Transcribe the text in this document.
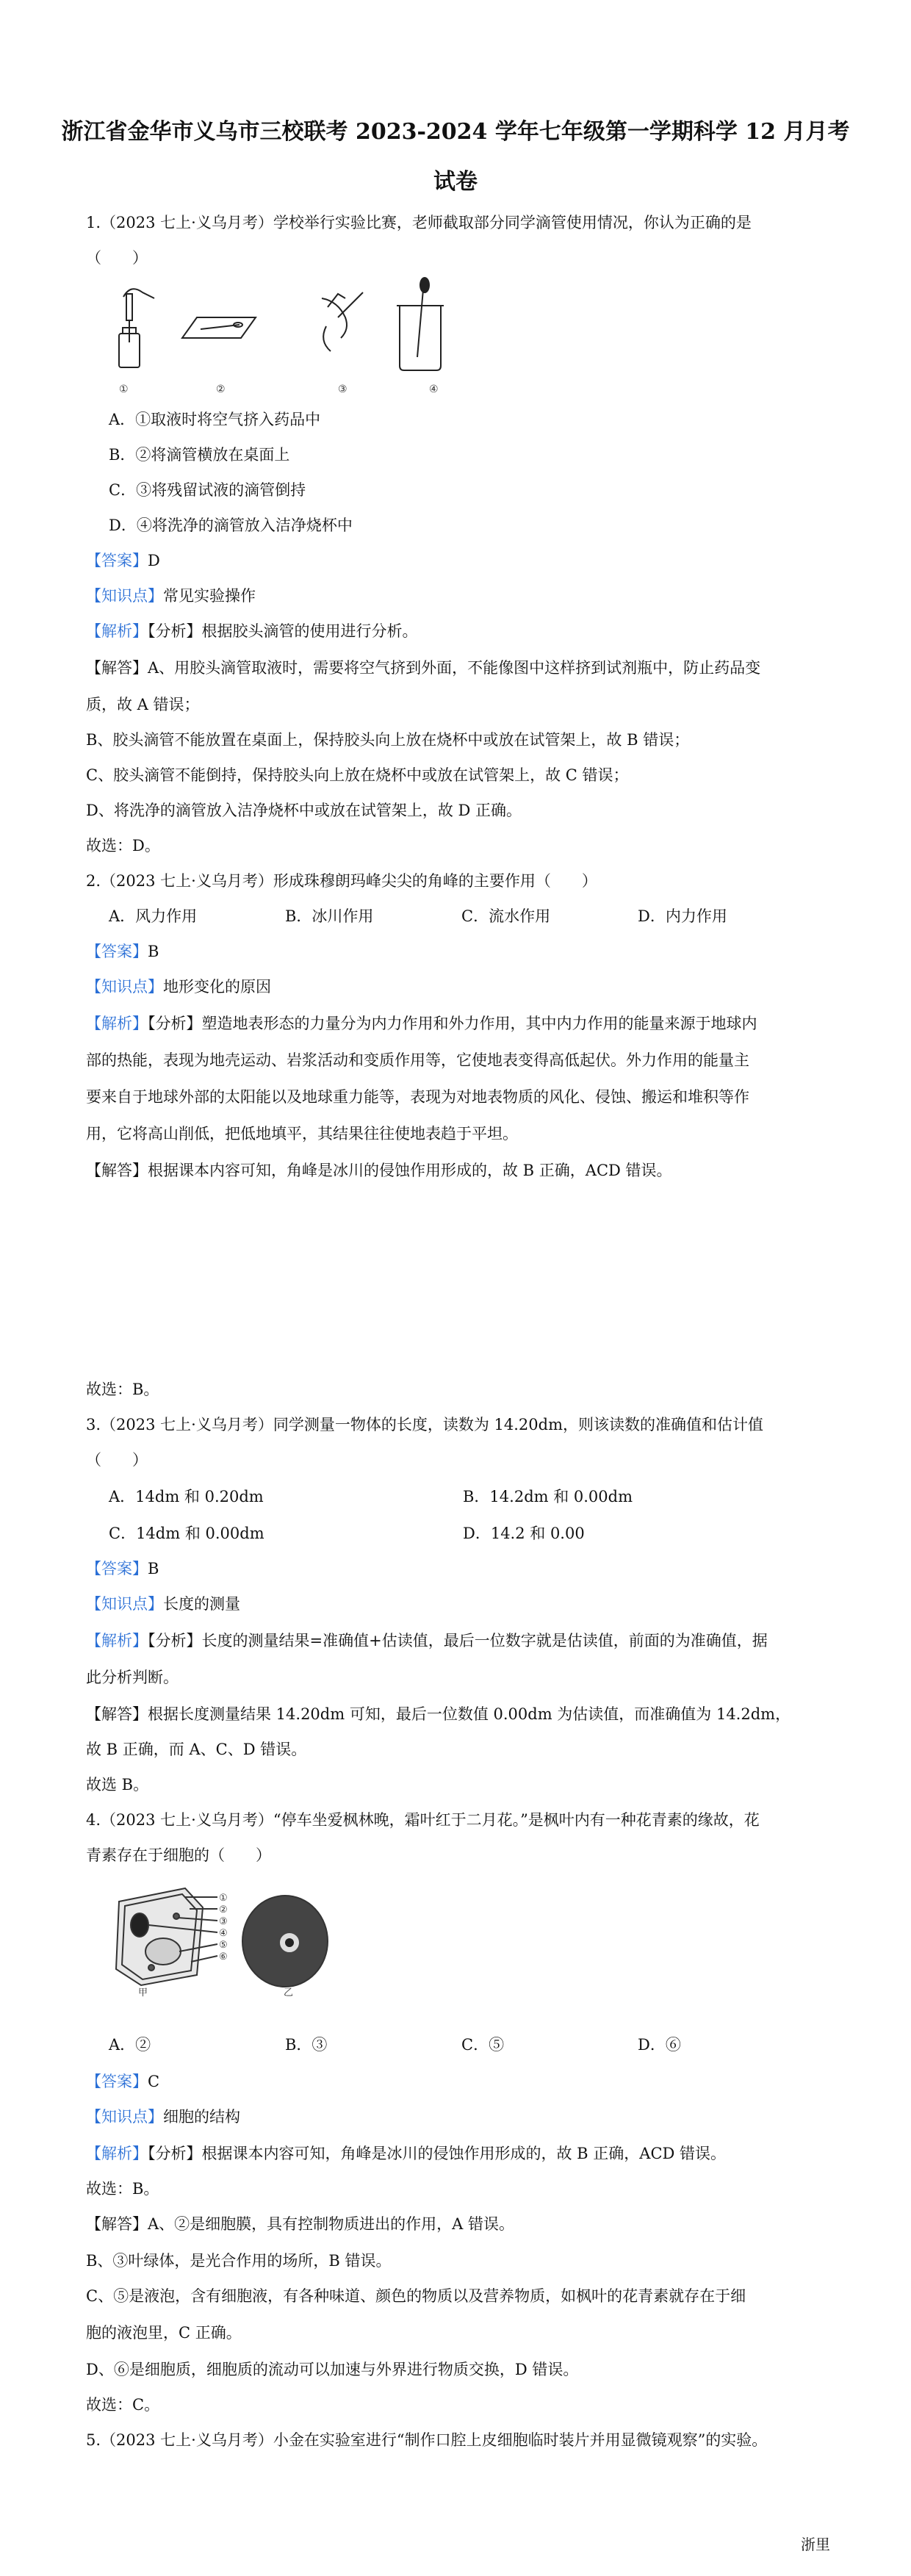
浙江省金华市义乌市三校联考 2023-2024 学年七年级第一学期科学 12 月月考
试卷
1.（2023 七上·义乌月考）学校举行实验比赛，老师截取部分同学滴管使用情况，你认为正确的是
（　　）
①	②	③	④
A．①取液时将空气挤入药品中
B．②将滴管横放在桌面上
C．③将残留试液的滴管倒持
D．④将洗净的滴管放入洁净烧杯中
【答案】D
【知识点】常见实验操作
【解析】【分析】根据胶头滴管的使用进行分析。
【解答】A、用胶头滴管取液时，需要将空气挤到外面，不能像图中这样挤到试剂瓶中，防止药品变
质，故 A 错误；
B、胶头滴管不能放置在桌面上，保持胶头向上放在烧杯中或放在试管架上，故 B 错误；
C、胶头滴管不能倒持，保持胶头向上放在烧杯中或放在试管架上，故 C 错误；
D、将洗净的滴管放入洁净烧杯中或放在试管架上，故 D 正确。
故选：D。
2.（2023 七上·义乌月考）形成珠穆朗玛峰尖尖的角峰的主要作用（　　）
A．风力作用	B．冰川作用	C．流水作用	D．内力作用
【答案】B
【知识点】地形变化的原因
【解析】【分析】塑造地表形态的力量分为内力作用和外力作用，其中内力作用的能量来源于地球内
部的热能，表现为地壳运动、岩浆活动和变质作用等，它使地表变得高低起伏。外力作用的能量主
要来自于地球外部的太阳能以及地球重力能等，表现为对地表物质的风化、侵蚀、搬运和堆积等作
用，它将高山削低，把低地填平，其结果往往使地表趋于平坦。
【解答】根据课本内容可知，角峰是冰川的侵蚀作用形成的，故 B 正确，ACD 错误。
故选：B。
3.（2023 七上·义乌月考）同学测量一物体的长度，读数为 14.20dm，则该读数的准确值和估计值
（　　）
A．14dm 和 0.20dm	B．14.2dm 和 0.00dm
C．14dm 和 0.00dm	D．14.2 和 0.00
【答案】B
【知识点】长度的测量
【解析】【分析】长度的测量结果=准确值+估读值，最后一位数字就是估读值，前面的为准确值，据
此分析判断。
【解答】根据长度测量结果 14.20dm 可知，最后一位数值 0.00dm 为估读值，而准确值为 14.2dm，
故 B 正确，而 A、C、D 错误。
故选 B。
4.（2023 七上·义乌月考）“停车坐爱枫林晚，霜叶红于二月花。”是枫叶内有一种花青素的缘故，花
青素存在于细胞的（　　）
①
②
③
④
⑤
⑥
甲	乙
A．②	B．③	C．⑤	D．⑥
【答案】C
【知识点】细胞的结构
【解析】【分析】根据课本内容可知，角峰是冰川的侵蚀作用形成的，故 B 正确，ACD 错误。
故选：B。
【解答】A、②是细胞膜，具有控制物质进出的作用，A 错误。
B、③叶绿体，是光合作用的场所，B 错误。
C、⑤是液泡，含有细胞液，有各种味道、颜色的物质以及营养物质，如枫叶的花青素就存在于细
胞的液泡里，C 正确。
D、⑥是细胞质，细胞质的流动可以加速与外界进行物质交换，D 错误。
故选：C。
5.（2023 七上·义乌月考）小金在实验室进行“制作口腔上皮细胞临时装片并用显微镜观察”的实验。
浙里
